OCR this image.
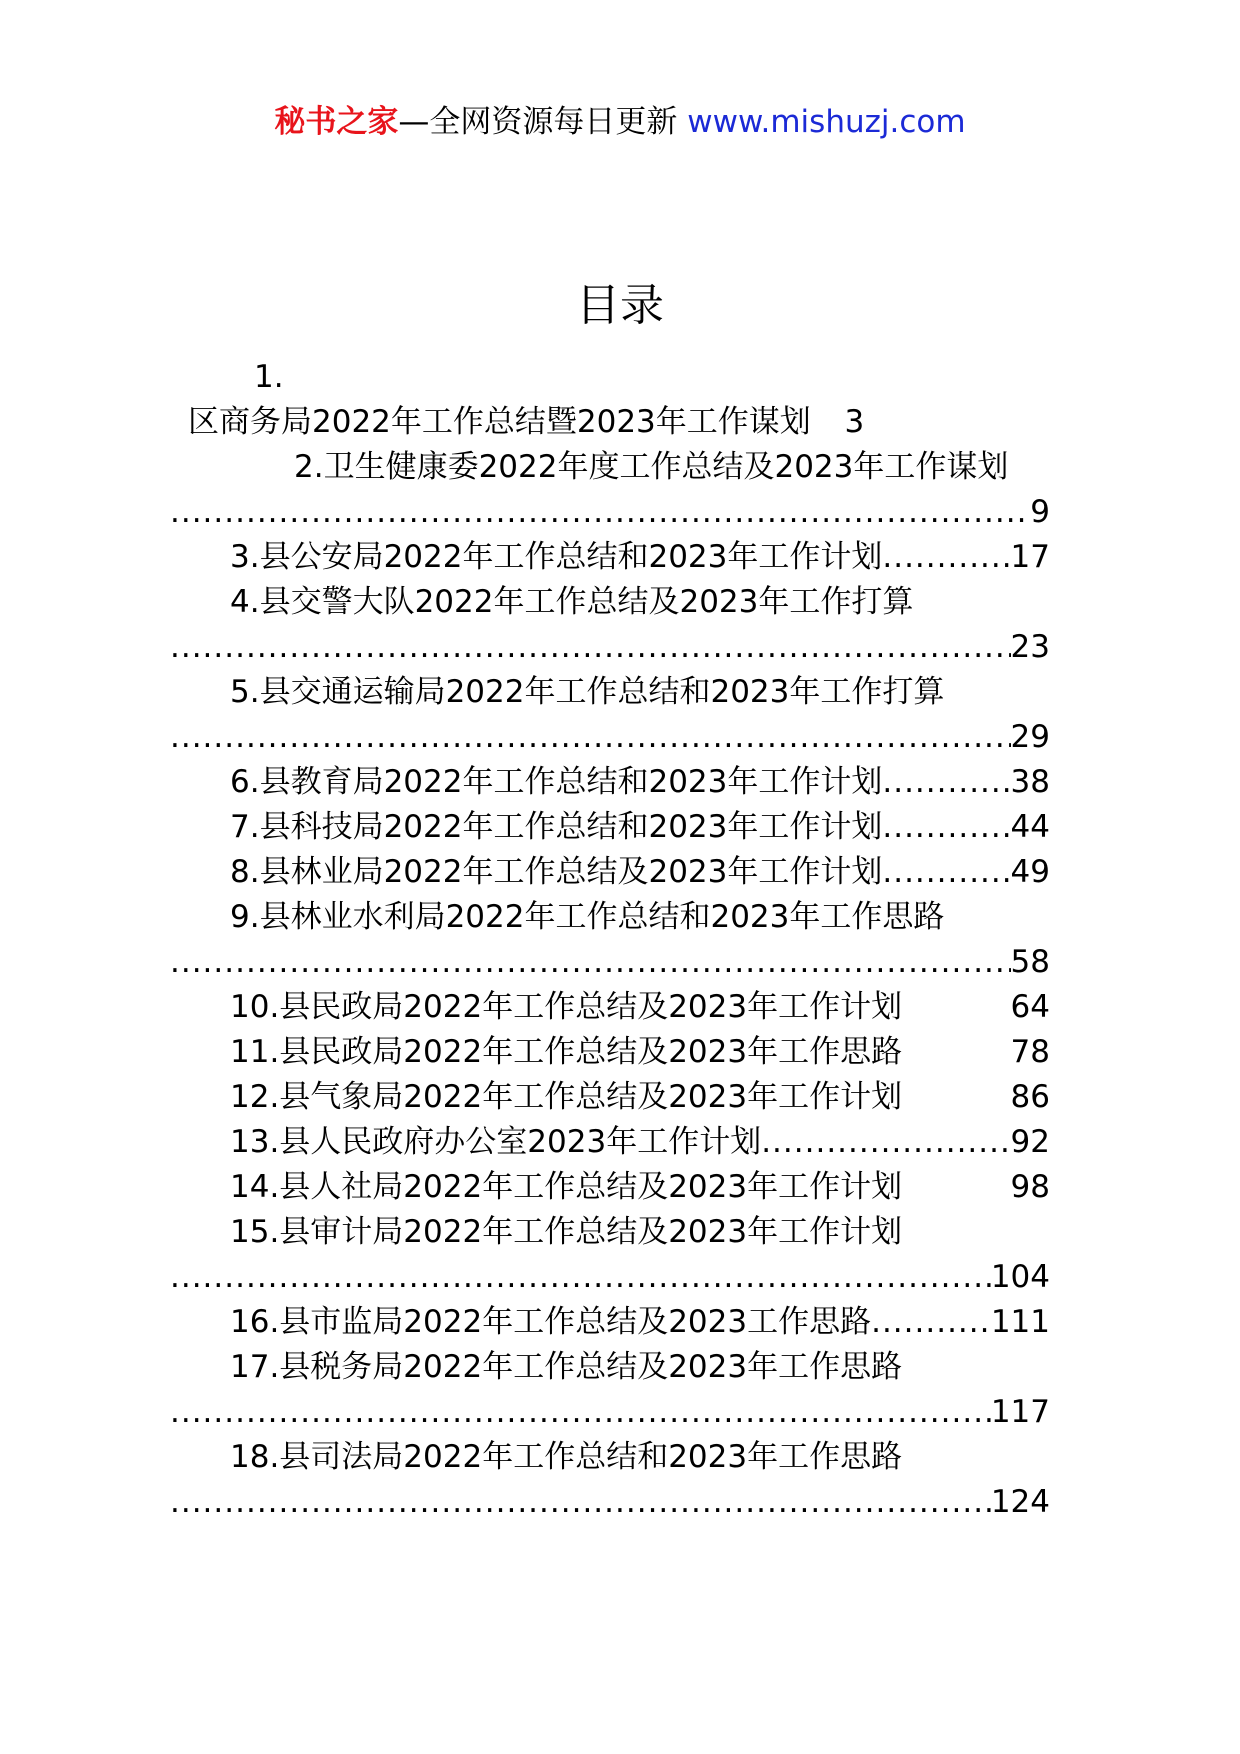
秘书之家—全网资源每日更新 www.mishuzj.com
目录
1.
区商务局2022年工作总结暨2023年工作谋划 3
2.卫生健康委2022年度工作总结及2023年工作谋划
.....
9
3.县公安局2022年工作总结和2023年工作计划 .....	17
4.县交警大队2022年工作总结及2023年工作打算
.....
23
5.县交通运输局2022年工作总结和2023年工作打算
.....
29
6.县教育局2022年工作总结和2023年工作计划 .....	38
7.县科技局2022年工作总结和2023年工作计划 .....	44
8.县林业局2022年工作总结及2023年工作计划 .....	49
9.县林业水利局2022年工作总结和2023年工作思路
.....
58
10.县民政局2022年工作总结及2023年工作计划	64
11.县民政局2022年工作总结及2023年工作思路	78
12.县气象局2022年工作总结及2023年工作计划	86
13.县人民政府办公室2023年工作计划 .....	92
14.县人社局2022年工作总结及2023年工作计划	98
15.县审计局2022年工作总结及2023年工作计划
.....
104
16.县市监局2022年工作总结及2023工作思路 .....	111
17.县税务局2022年工作总结及2023年工作思路
.....
117
18.县司法局2022年工作总结和2023年工作思路
.....
124
